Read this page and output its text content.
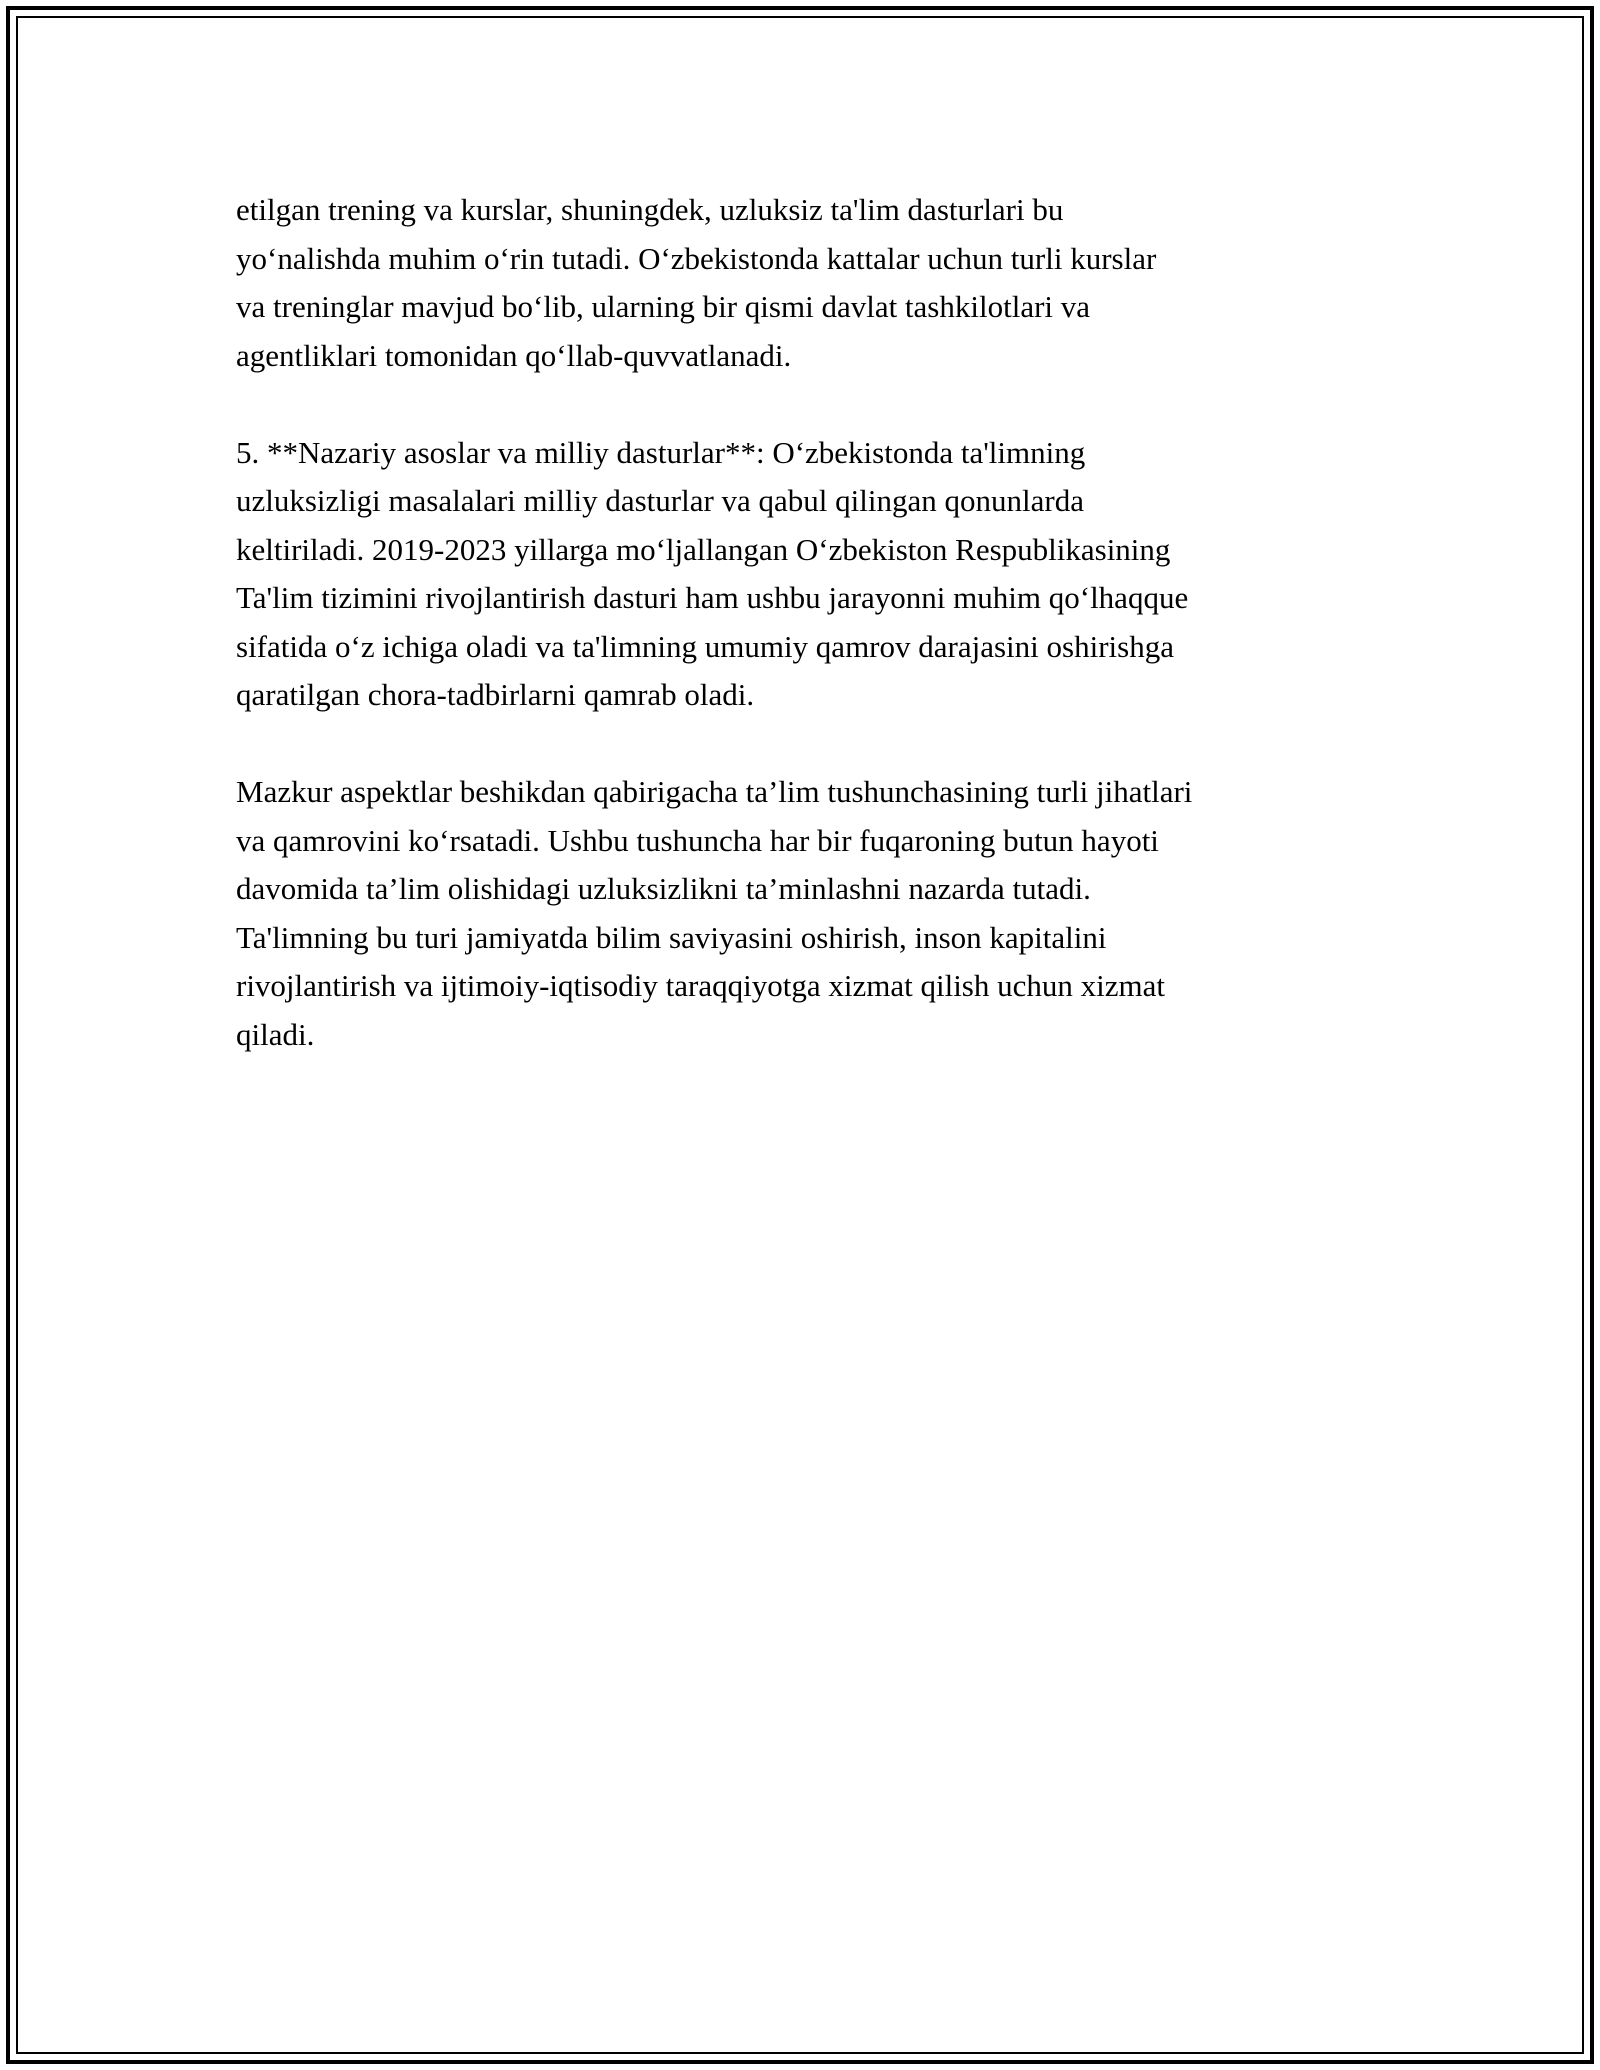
etilgan trening va kurslar, shuningdek, uzluksiz ta'lim dasturlari bu
yo‘nalishda muhim o‘rin tutadi. O‘zbekistonda kattalar uchun turli kurslar
va treninglar mavjud bo‘lib, ularning bir qismi davlat tashkilotlari va
agentliklari tomonidan qo‘llab-quvvatlanadi.

5. **Nazariy asoslar va milliy dasturlar**: O‘zbekistonda ta'limning
uzluksizligi masalalari milliy dasturlar va qabul qilingan qonunlarda
keltiriladi. 2019-2023 yillarga mo‘ljallangan O‘zbekiston Respublikasining
Ta'lim tizimini rivojlantirish dasturi ham ushbu jarayonni muhim qo‘lhaqque
sifatida o‘z ichiga oladi va ta'limning umumiy qamrov darajasini oshirishga
qaratilgan chora-tadbirlarni qamrab oladi.

Mazkur aspektlar beshikdan qabirigacha ta’lim tushunchasining turli jihatlari
va qamrovini ko‘rsatadi. Ushbu tushuncha har bir fuqaroning butun hayoti
davomida ta’lim olishidagi uzluksizlikni ta’minlashni nazarda tutadi.
Ta'limning bu turi jamiyatda bilim saviyasini oshirish, inson kapitalini
rivojlantirish va ijtimoiy-iqtisodiy taraqqiyotga xizmat qilish uchun xizmat
qiladi.
